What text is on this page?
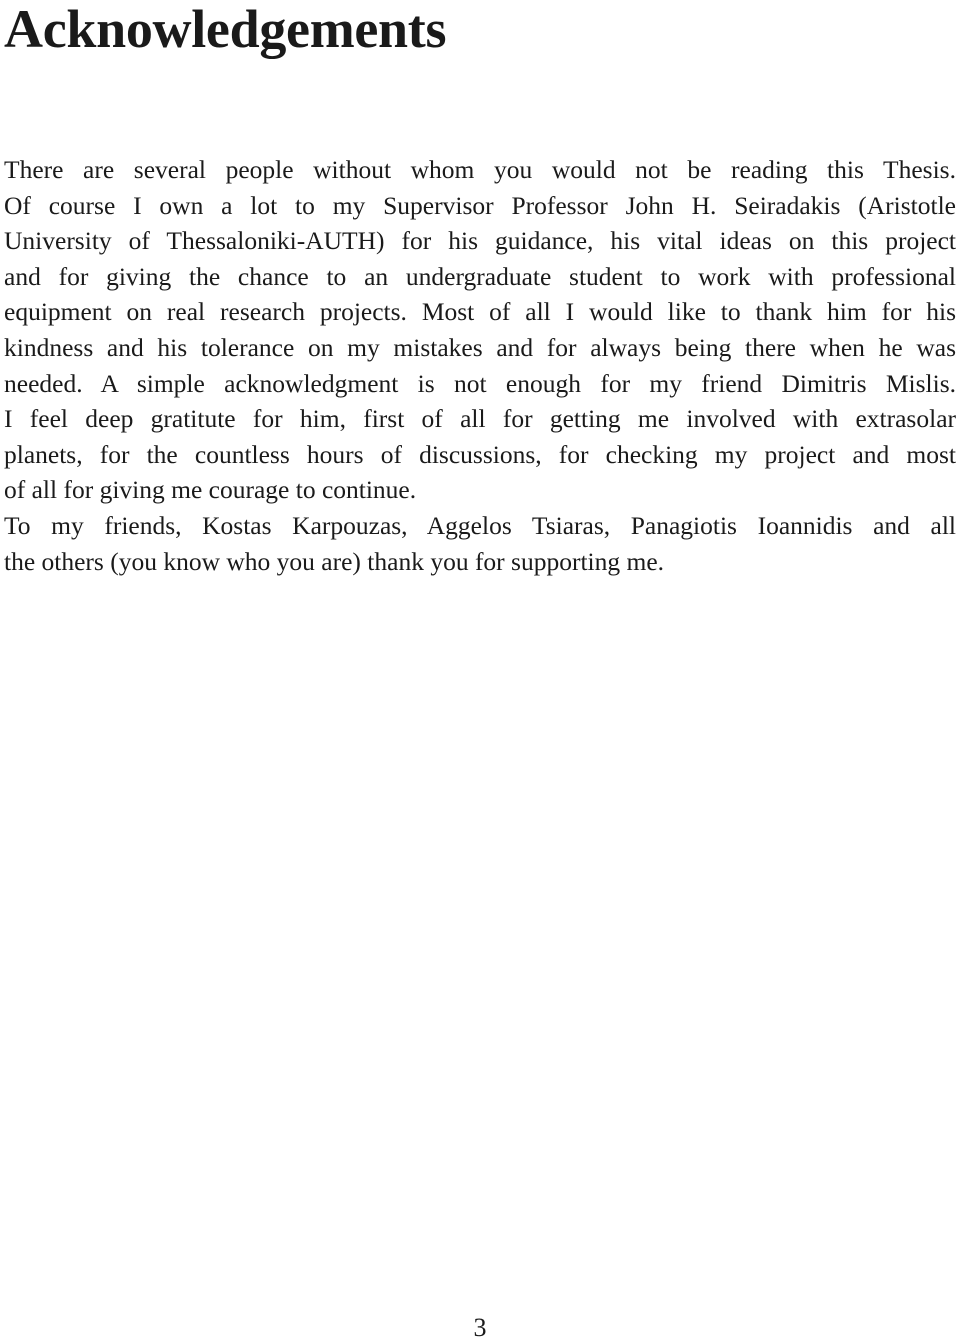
Acknowledgements
There are several people without whom you would not be reading this Thesis.
Of course I own a lot to my Supervisor Professor John H. Seiradakis (Aristotle
University of Thessaloniki-AUTH) for his guidance, his vital ideas on this project
and for giving the chance to an undergraduate student to work with professional
equipment on real research projects. Most of all I would like to thank him for his
kindness and his tolerance on my mistakes and for always being there when he was
needed. A simple acknowledgment is not enough for my friend Dimitris Mislis.
I feel deep gratitute for him, first of all for getting me involved with extrasolar
planets, for the countless hours of discussions, for checking my project and most
of all for giving me courage to continue.
To my friends, Kostas Karpouzas, Aggelos Tsiaras, Panagiotis Ioannidis and all
the others (you know who you are) thank you for supporting me.
3
